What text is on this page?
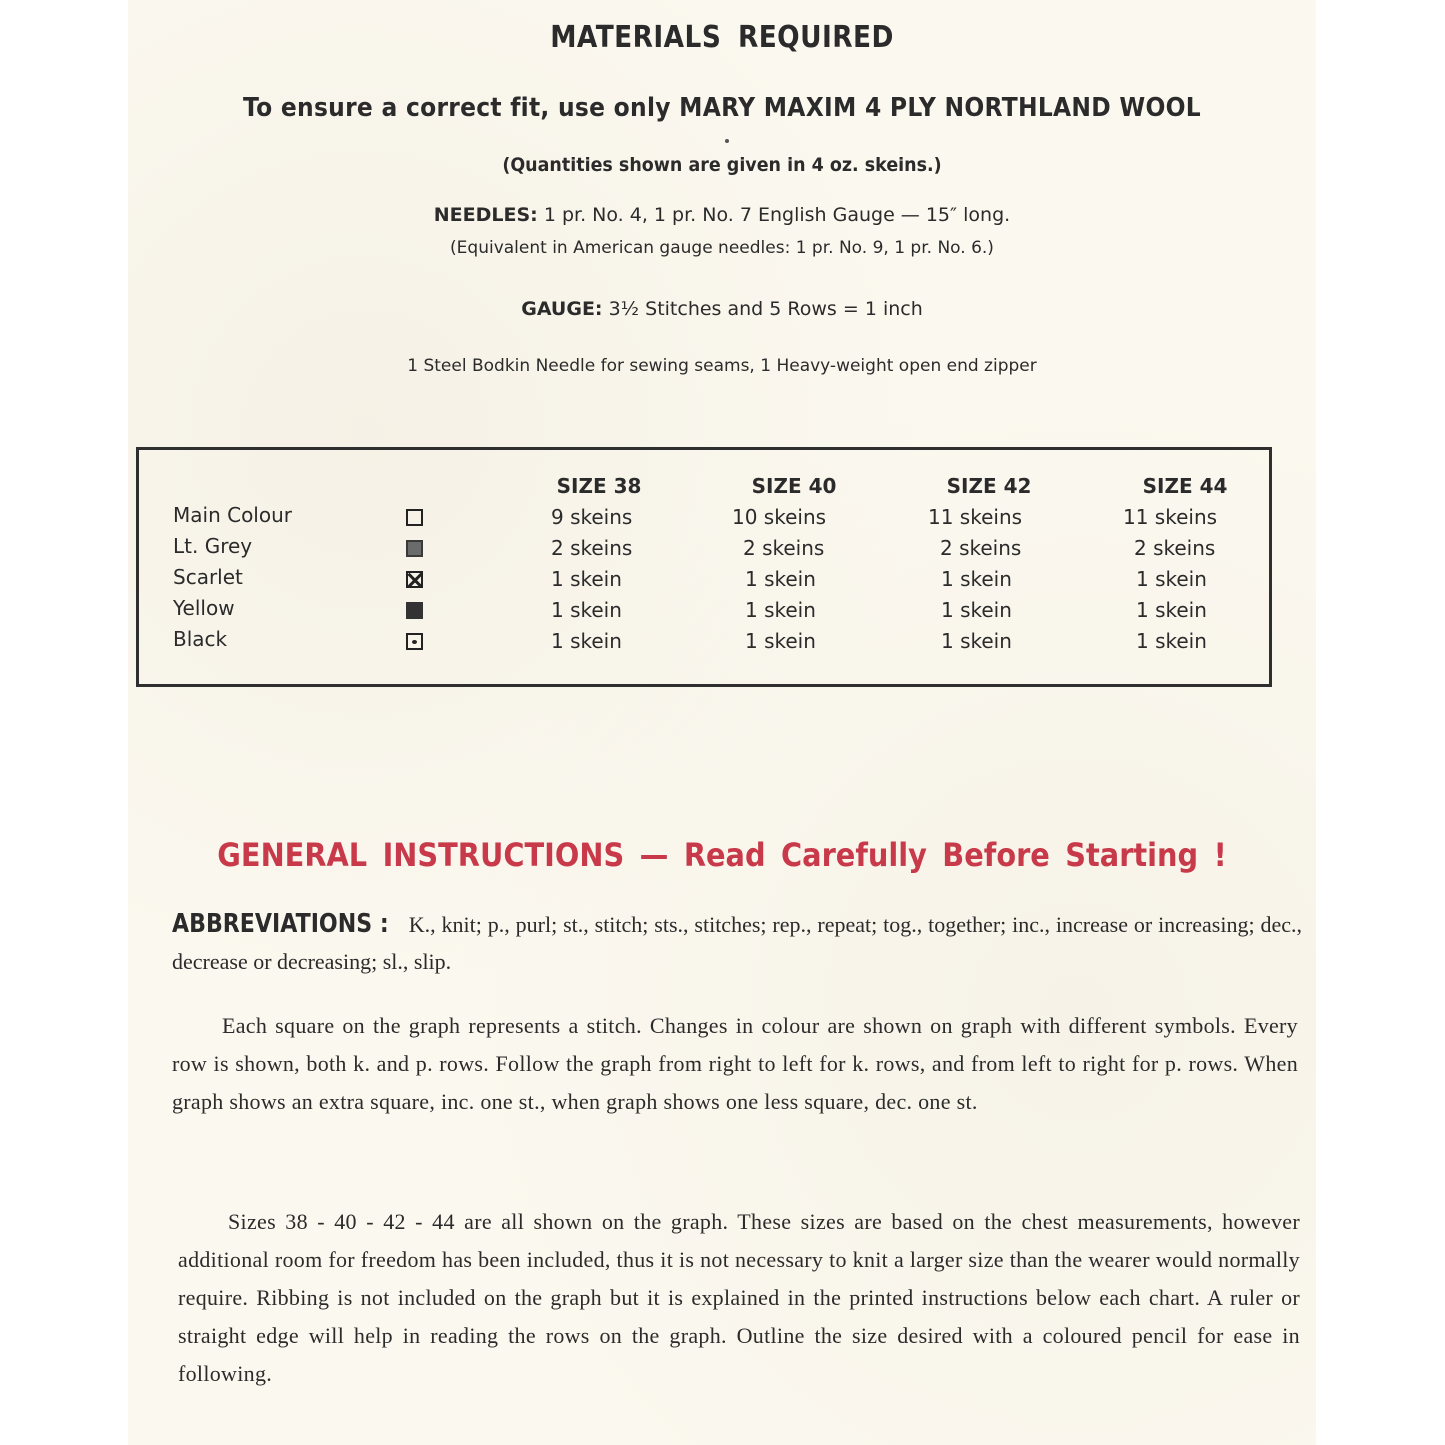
MATERIALS REQUIRED
To ensure a correct fit, use only MARY MAXIM 4 PLY NORTHLAND WOOL
(Quantities shown are given in 4 oz. skeins.)
NEEDLES: 1 pr. No. 4, 1 pr. No. 7 English Gauge — 15″ long.
(Equivalent in American gauge needles: 1 pr. No. 9, 1 pr. No. 6.)
GAUGE: 3½ Stitches and 5 Rows = 1 inch
1 Steel Bodkin Needle for sewing seams, 1 Heavy-weight open end zipper
SIZE 38	SIZE 40	SIZE 42	SIZE 44
Main Colour	9 skeins	10 skeins	11 skeins	11 skeins
Lt. Grey	2 skeins	2 skeins	2 skeins	2 skeins
Scarlet	1 skein	1 skein	1 skein	1 skein
Yellow	1 skein	1 skein	1 skein	1 skein
Black	1 skein	1 skein	1 skein	1 skein
GENERAL INSTRUCTIONS — Read Carefully Before Starting !
ABBREVIATIONS : K., knit; p., purl; st., stitch; sts., stitches; rep., repeat; tog., together; inc., increase or increasing; dec., decrease or decreasing; sl., slip.
Each square on the graph represents a stitch. Changes in colour are shown on graph with different symbols. Every row is shown, both k. and p. rows. Follow the graph from right to left for k. rows, and from left to right for p. rows. When graph shows an extra square, inc. one st., when graph shows one less square, dec. one st.
Sizes 38 - 40 - 42 - 44 are all shown on the graph. These sizes are based on the chest measurements, however additional room for freedom has been included, thus it is not necessary to knit a larger size than the wearer would normally require. Ribbing is not included on the graph but it is explained in the printed instructions below each chart. A ruler or straight edge will help in reading the rows on the graph. Outline the size desired with a coloured pencil for ease in following.
